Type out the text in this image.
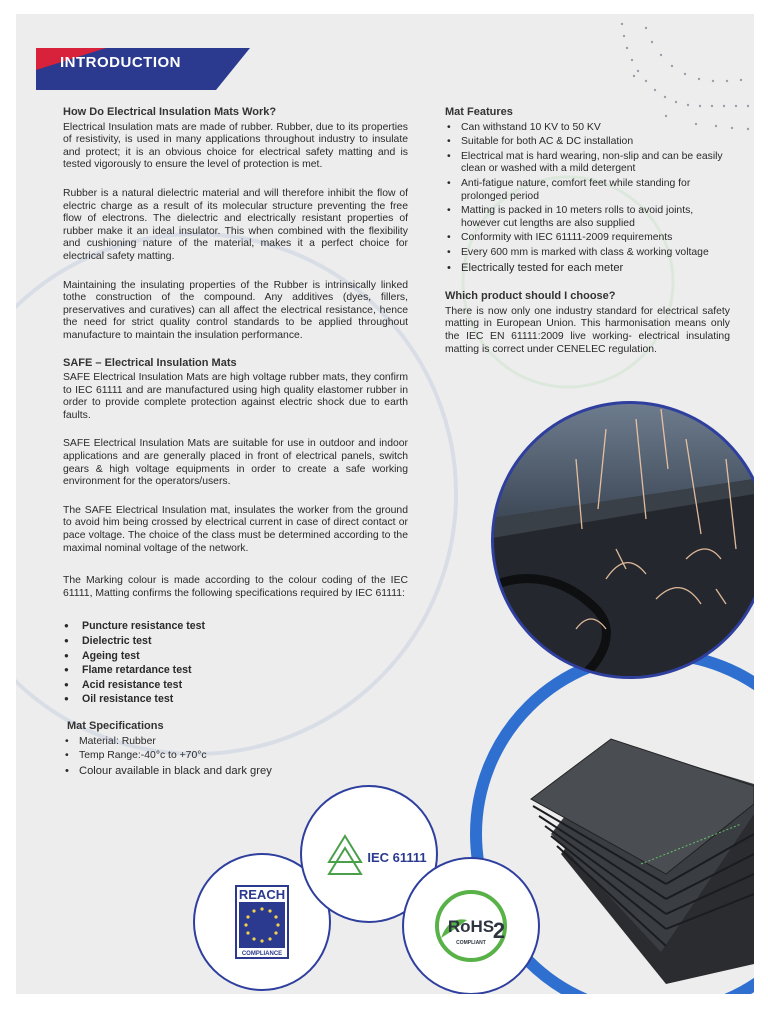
INTRODUCTION
How Do Electrical Insulation Mats Work?

Electrical Insulation mats are made of rubber. Rubber, due to its properties of resistivity, is used in many applications throughout industry to insulate and protect; it is an obvious choice for electrical safety matting and is tested vigorously to ensure the level of protection is met.

Rubber is a natural dielectric material and will therefore inhibit the flow of electric charge as a result of its molecular structure preventing the free flow of electrons. The dielectric and electrically resistant properties of rubber make it an ideal insulator. This when combined with the flexibility and cushioning nature of the material, makes it a perfect choice for electrical safety matting.

Maintaining the insulating properties of the Rubber is intrinsically linked tothe construction of the compound. Any additives (dyes, fillers, preservatives and curatives) can all affect the electrical resistance, hence the need for strict quality control standards to be applied throughout manufacture to maintain the insulation performance.

SAFE – Electrical Insulation Mats

SAFE Electrical Insulation Mats are high voltage rubber mats, they confirm to IEC 61111 and are manufactured using high quality elastomer rubber in order to provide complete protection against electric shock due to earth faults.

SAFE Electrical Insulation Mats are suitable for use in outdoor and indoor applications and are generally placed in front of electrical panels, switch gears & high voltage equipments in order to create a safe working environment for the operators/users.

The SAFE Electrical Insulation mat, insulates the worker from the ground to avoid him being crossed by electrical current in case of direct contact or pace voltage. The choice of the class must be determined according to the maximal nominal voltage of the network.

The Marking colour is made according to the colour coding of the IEC 61111, Matting confirms the following specifications required by IEC 61111:

● Puncture resistance test
● Dielectric test
● Ageing test
● Flame retardance test
● Acid resistance test
● Oil resistance test
Mat Specifications
• Material: Rubber
• Temp Range:-40°c to +70°c
• Colour available in black and dark grey
Mat Features
• Can withstand 10 KV to 50 KV
• Suitable for both AC & DC installation
• Electrical mat is hard wearing, non-slip and can be easily clean or washed with a mild detergent
• Anti-fatigue nature, comfort feet while standing for prolonged period
• Matting is packed in 10 meters rolls to avoid joints, however cut lengths are also supplied
• Conformity with IEC 61111-2009 requirements
• Every 600 mm is marked with class & working voltage
• Electrically tested for each meter
Which product should I choose?

There is now only one industry standard for electrical safety matting in European Union. This harmonisation means only the IEC EN 61111:2009 live working- electrical insulating matting is correct under CENELEC regulation.

REACH
COMPLIANCE
IEC 61111
RoHS
2
COMPLIANT
